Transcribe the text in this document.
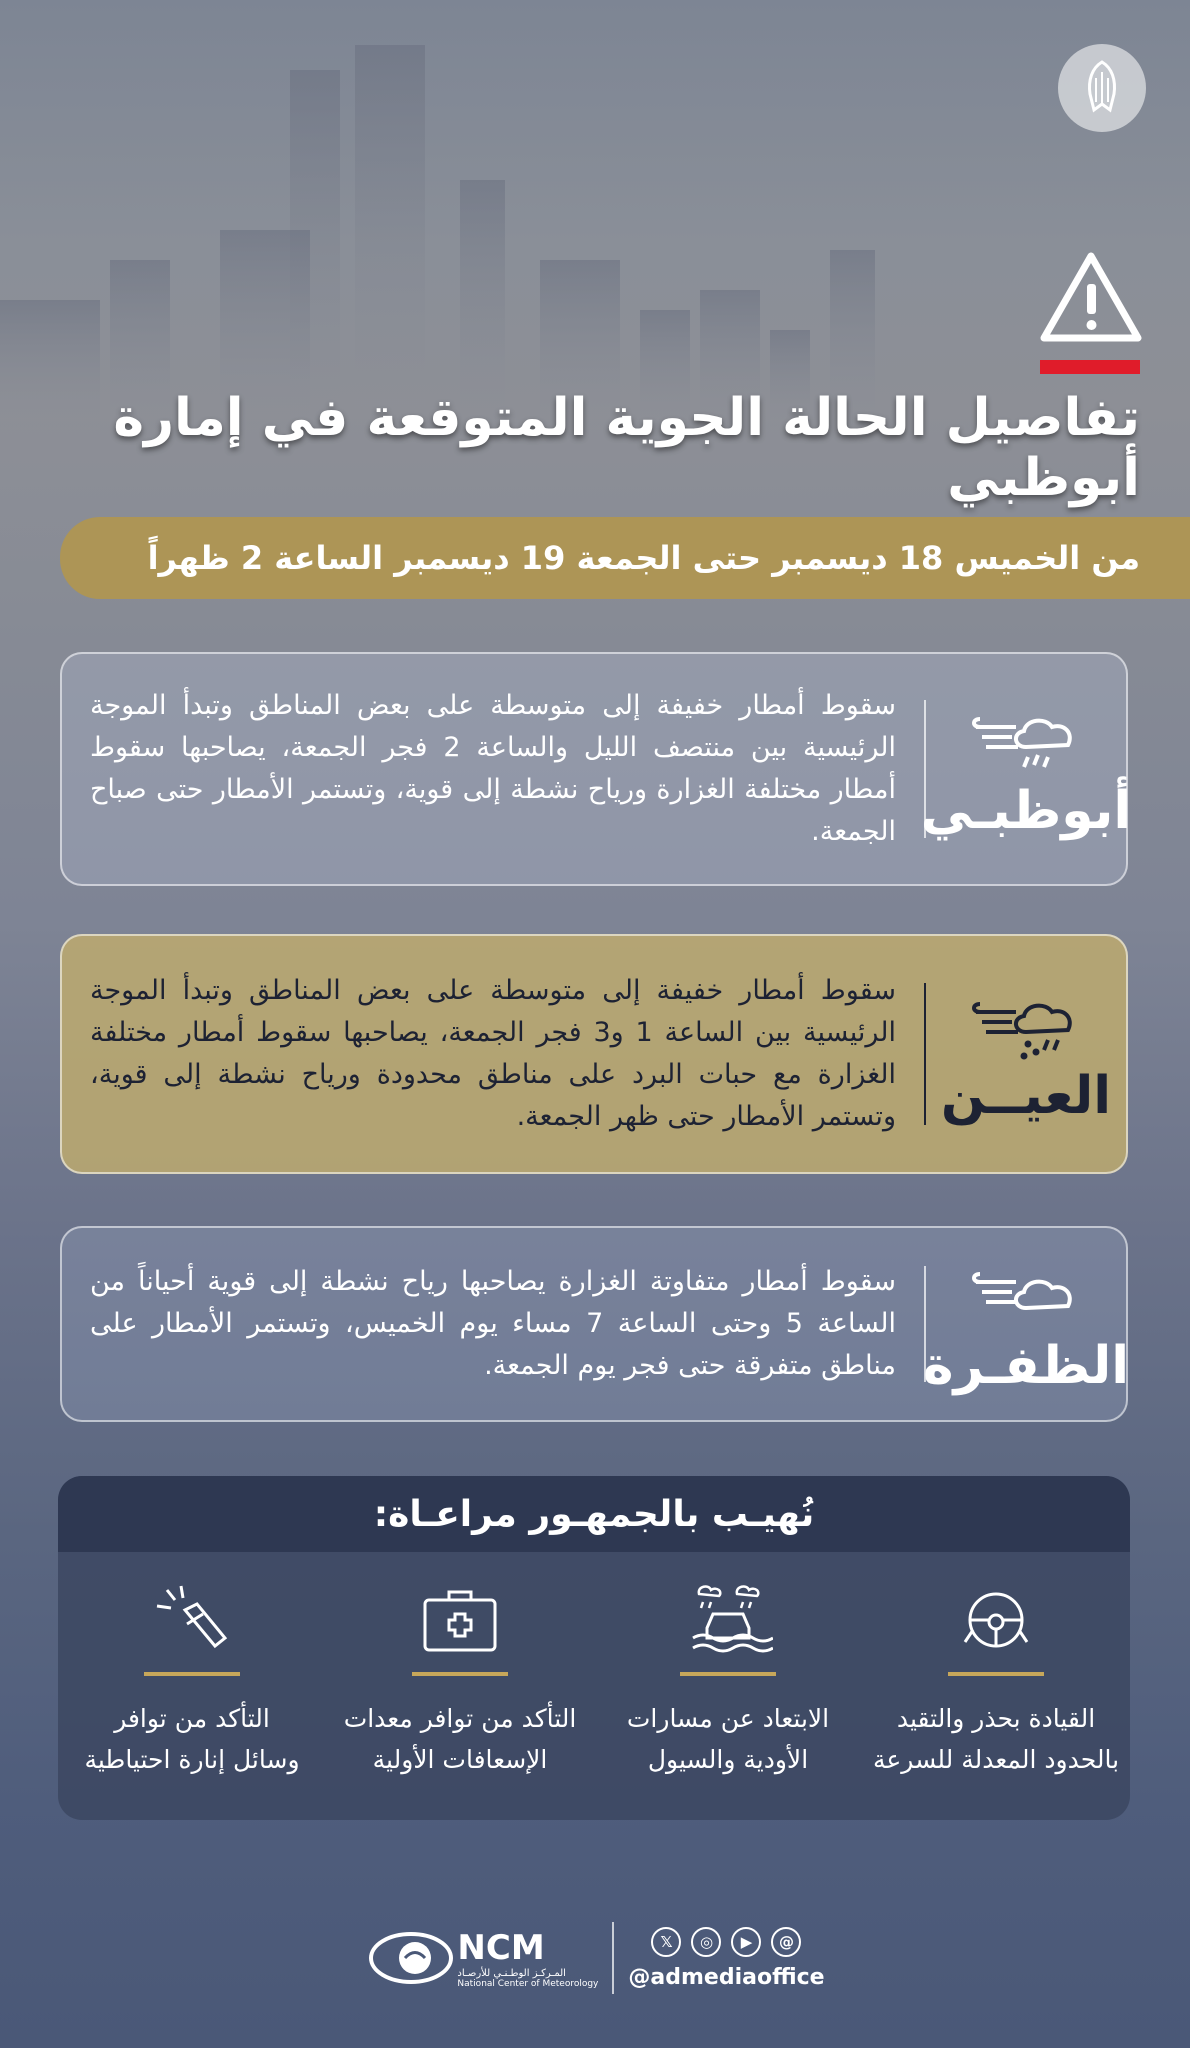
تفاصيل الحالة الجوية المتوقعة في إمارة أبوظبي
من الخميس 18 ديسمبر حتى الجمعة 19 ديسمبر الساعة 2 ظهراً
أبوظبـي

سقوط أمطار خفيفة إلى متوسطة على بعض المناطق وتبدأ الموجة الرئيسية بين منتصف الليل والساعة 2 فجر الجمعة، يصاحبها سقوط أمطار مختلفة الغزارة ورياح نشطة إلى قوية، وتستمر الأمطار حتى صباح الجمعة.

العيــن

سقوط أمطار خفيفة إلى متوسطة على بعض المناطق وتبدأ الموجة الرئيسية بين الساعة 1 و3 فجر الجمعة، يصاحبها سقوط أمطار مختلفة الغزارة مع حبات البرد على مناطق محدودة ورياح نشطة إلى قوية، وتستمر الأمطار حتى ظهر الجمعة.

الظفـرة

سقوط أمطار متفاوتة الغزارة يصاحبها رياح نشطة إلى قوية أحياناً من الساعة 5 وحتى الساعة 7 مساء يوم الخميس، وتستمر الأمطار على مناطق متفرقة حتى فجر يوم الجمعة.

نُهيـب بالجمهـور مراعـاة:
القيادة بحذر والتقيد
بالحدود المعدلة للسرعة
الابتعاد عن مسارات
الأودية والسيول
التأكد من توافر معدات
الإسعافات الأولية
التأكد من توافر
وسائل إنارة احتياطية
NCM
المـركـز الوطـنـي للأرصـاد
National Center of Meteorology
𝕏	◎	▶	@
@admediaoffice
